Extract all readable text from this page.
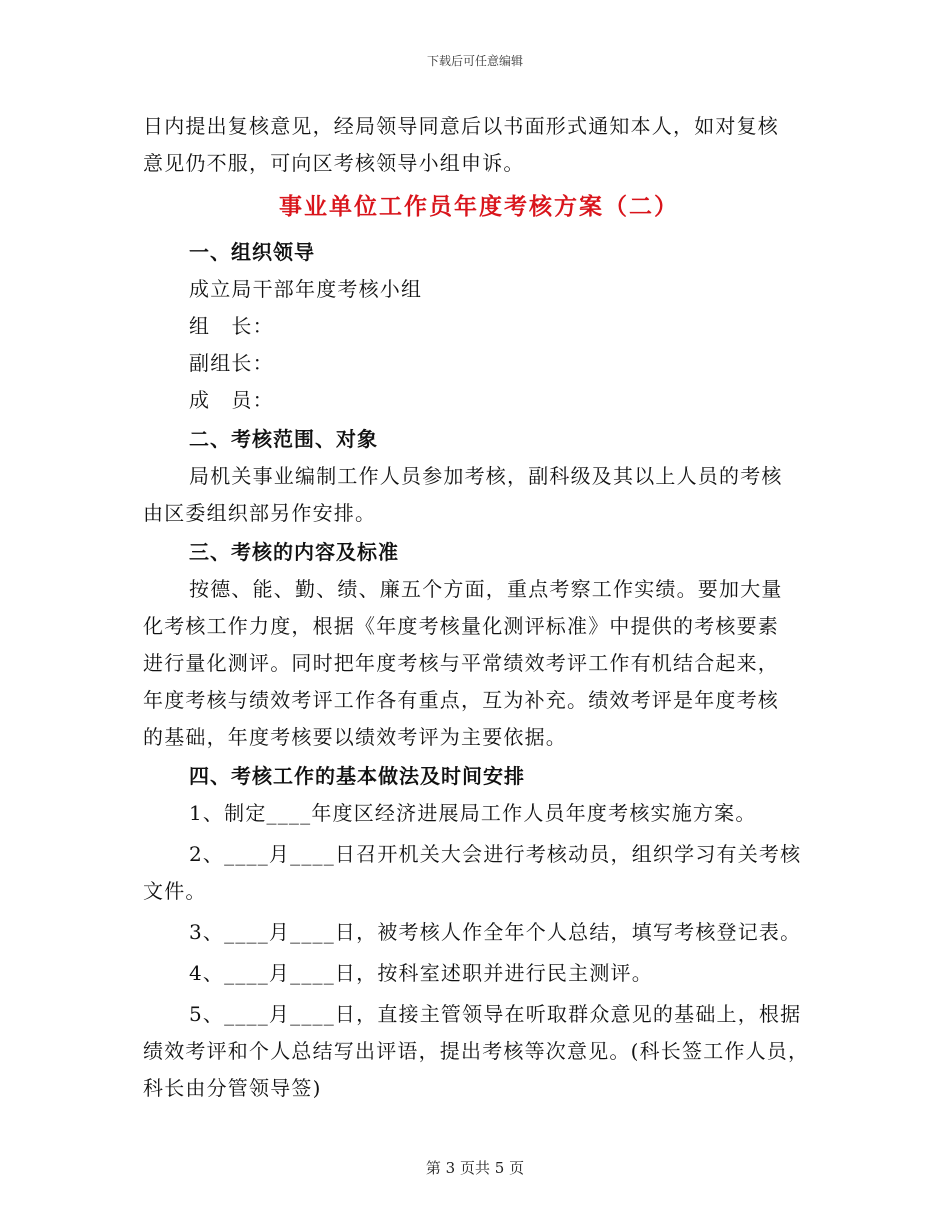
下载后可任意编辑

日内提出复核意见，经局领导同意后以书面形式通知本人，如对复核

意见仍不服，可向区考核领导小组申诉。

事业单位工作员年度考核方案（二）

一、组织领导

成立局干部年度考核小组

组　长：

副组长：

成　员：

二、考核范围、对象

局机关事业编制工作人员参加考核，副科级及其以上人员的考核

由区委组织部另作安排。

三、考核的内容及标准

按德、能、勤、绩、廉五个方面，重点考察工作实绩。要加大量

化考核工作力度，根据《年度考核量化测评标准》中提供的考核要素

进行量化测评。同时把年度考核与平常绩效考评工作有机结合起来，

年度考核与绩效考评工作各有重点，互为补充。绩效考评是年度考核

的基础，年度考核要以绩效考评为主要依据。

四、考核工作的基本做法及时间安排

1、制定____年度区经济进展局工作人员年度考核实施方案。

2、____月____日召开机关大会进行考核动员，组织学习有关考核

文件。

3、____月____日，被考核人作全年个人总结，填写考核登记表。

4、____月____日，按科室述职并进行民主测评。

5、____月____日，直接主管领导在听取群众意见的基础上，根据

绩效考评和个人总结写出评语，提出考核等次意见。(科长签工作人员，

科长由分管领导签)

第 3 页共 5 页
